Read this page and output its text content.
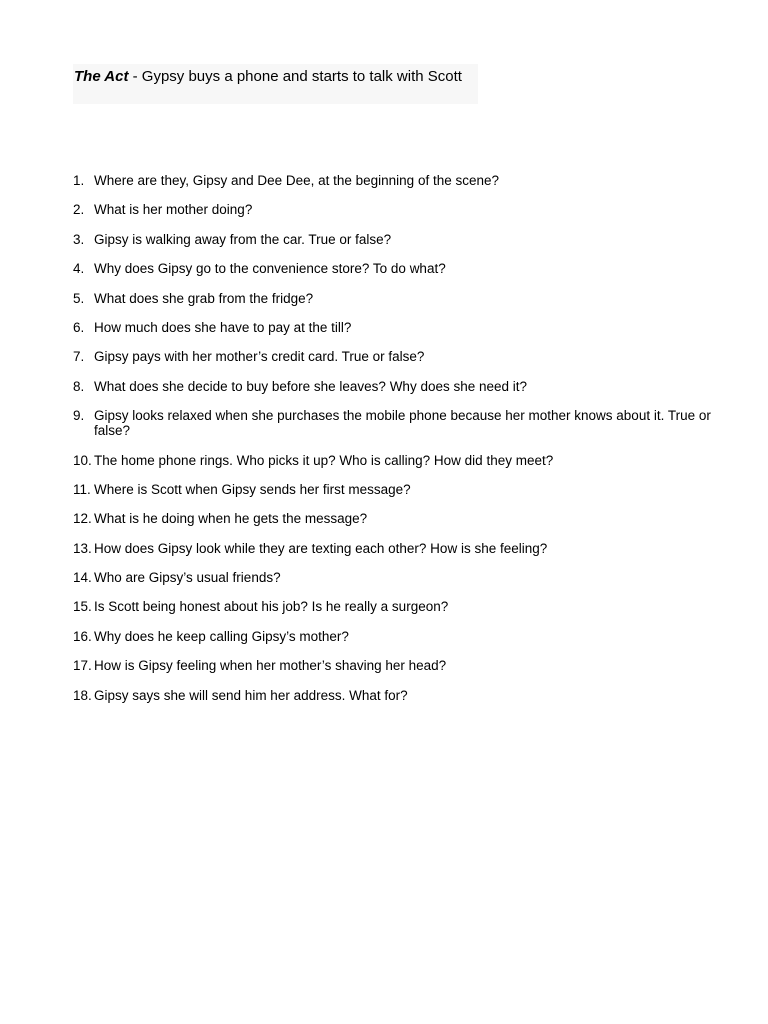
The Act - Gypsy buys a phone and starts to talk with Scott
1. Where are they, Gipsy and Dee Dee, at the beginning of the scene?
2. What is her mother doing?
3. Gipsy is walking away from the car. True or false?
4. Why does Gipsy go to the convenience store? To do what?
5. What does she grab from the fridge?
6. How much does she have to pay at the till?
7. Gipsy pays with her mother’s credit card. True or false?
8. What does she decide to buy before she leaves? Why does she need it?
9. Gipsy looks relaxed when she purchases the mobile phone because her mother knows about it. True or false?
10. The home phone rings. Who picks it up? Who is calling? How did they meet?
11. Where is Scott when Gipsy sends her first message?
12. What is he doing when he gets the message?
13. How does Gipsy look while they are texting each other? How is she feeling?
14. Who are Gipsy’s usual friends?
15. Is Scott being honest about his job? Is he really a surgeon?
16. Why does he keep calling Gipsy’s mother?
17. How is Gipsy feeling when her mother’s shaving her head?
18. Gipsy says she will send him her address. What for?
